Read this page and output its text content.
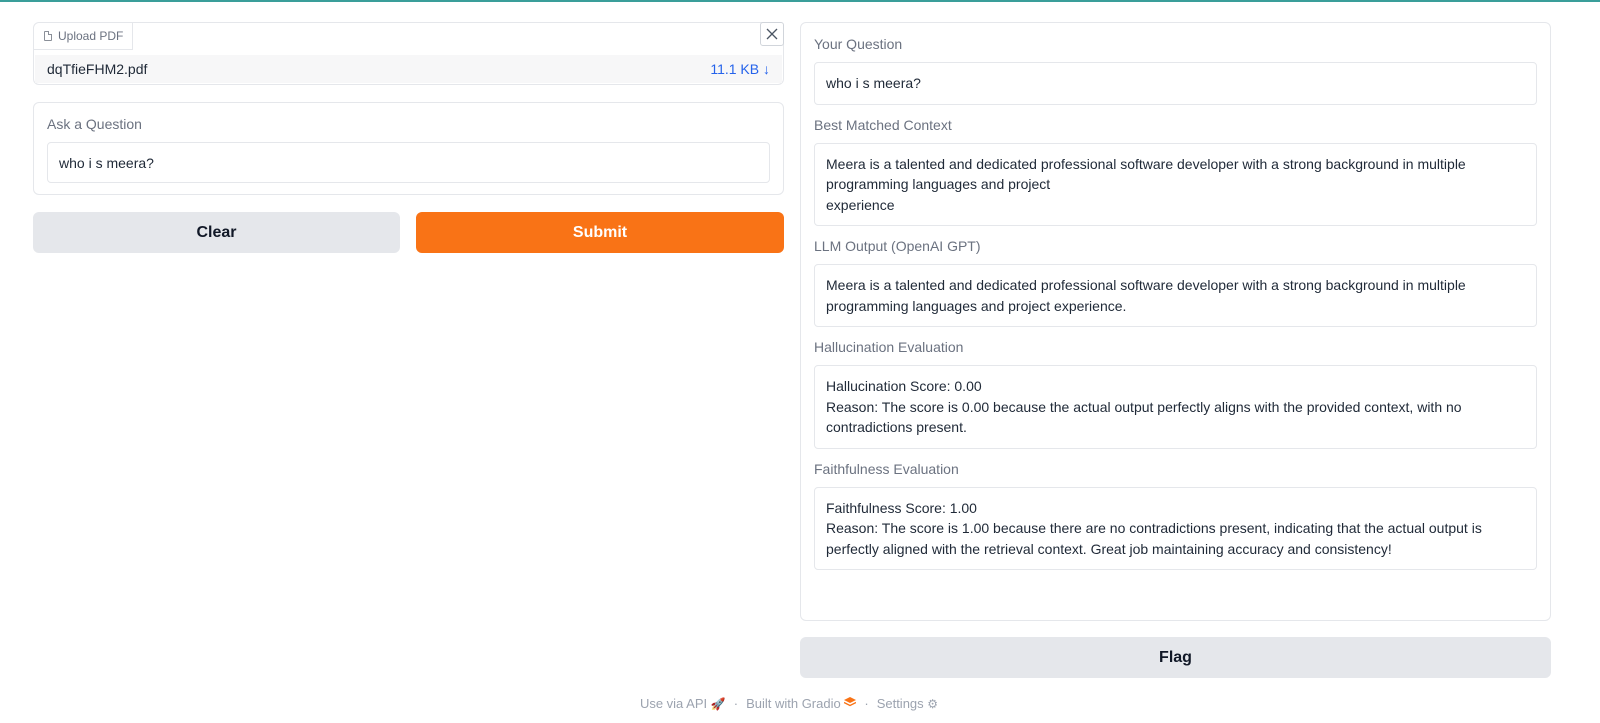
Upload PDF
dqTfieFHM2.pdf	11.1 KB ↓
Ask a Question
who i s meera?
Clear	Submit
Your Question
who i s meera?
Best Matched Context
Meera is a talented and dedicated professional software developer with a strong background in multiple programming languages and project
experience
LLM Output (OpenAI GPT)
Meera is a talented and dedicated professional software developer with a strong background in multiple programming languages and project experience.
Hallucination Evaluation
Hallucination Score: 0.00
Reason: The score is 0.00 because the actual output perfectly aligns with the provided context, with no contradictions present.
Faithfulness Evaluation
Faithfulness Score: 1.00
Reason: The score is 1.00 because there are no contradictions present, indicating that the actual output is perfectly aligned with the retrieval context. Great job maintaining accuracy and consistency!
Flag
Use via API 🚀 · Built with Gradio	· Settings ⚙
